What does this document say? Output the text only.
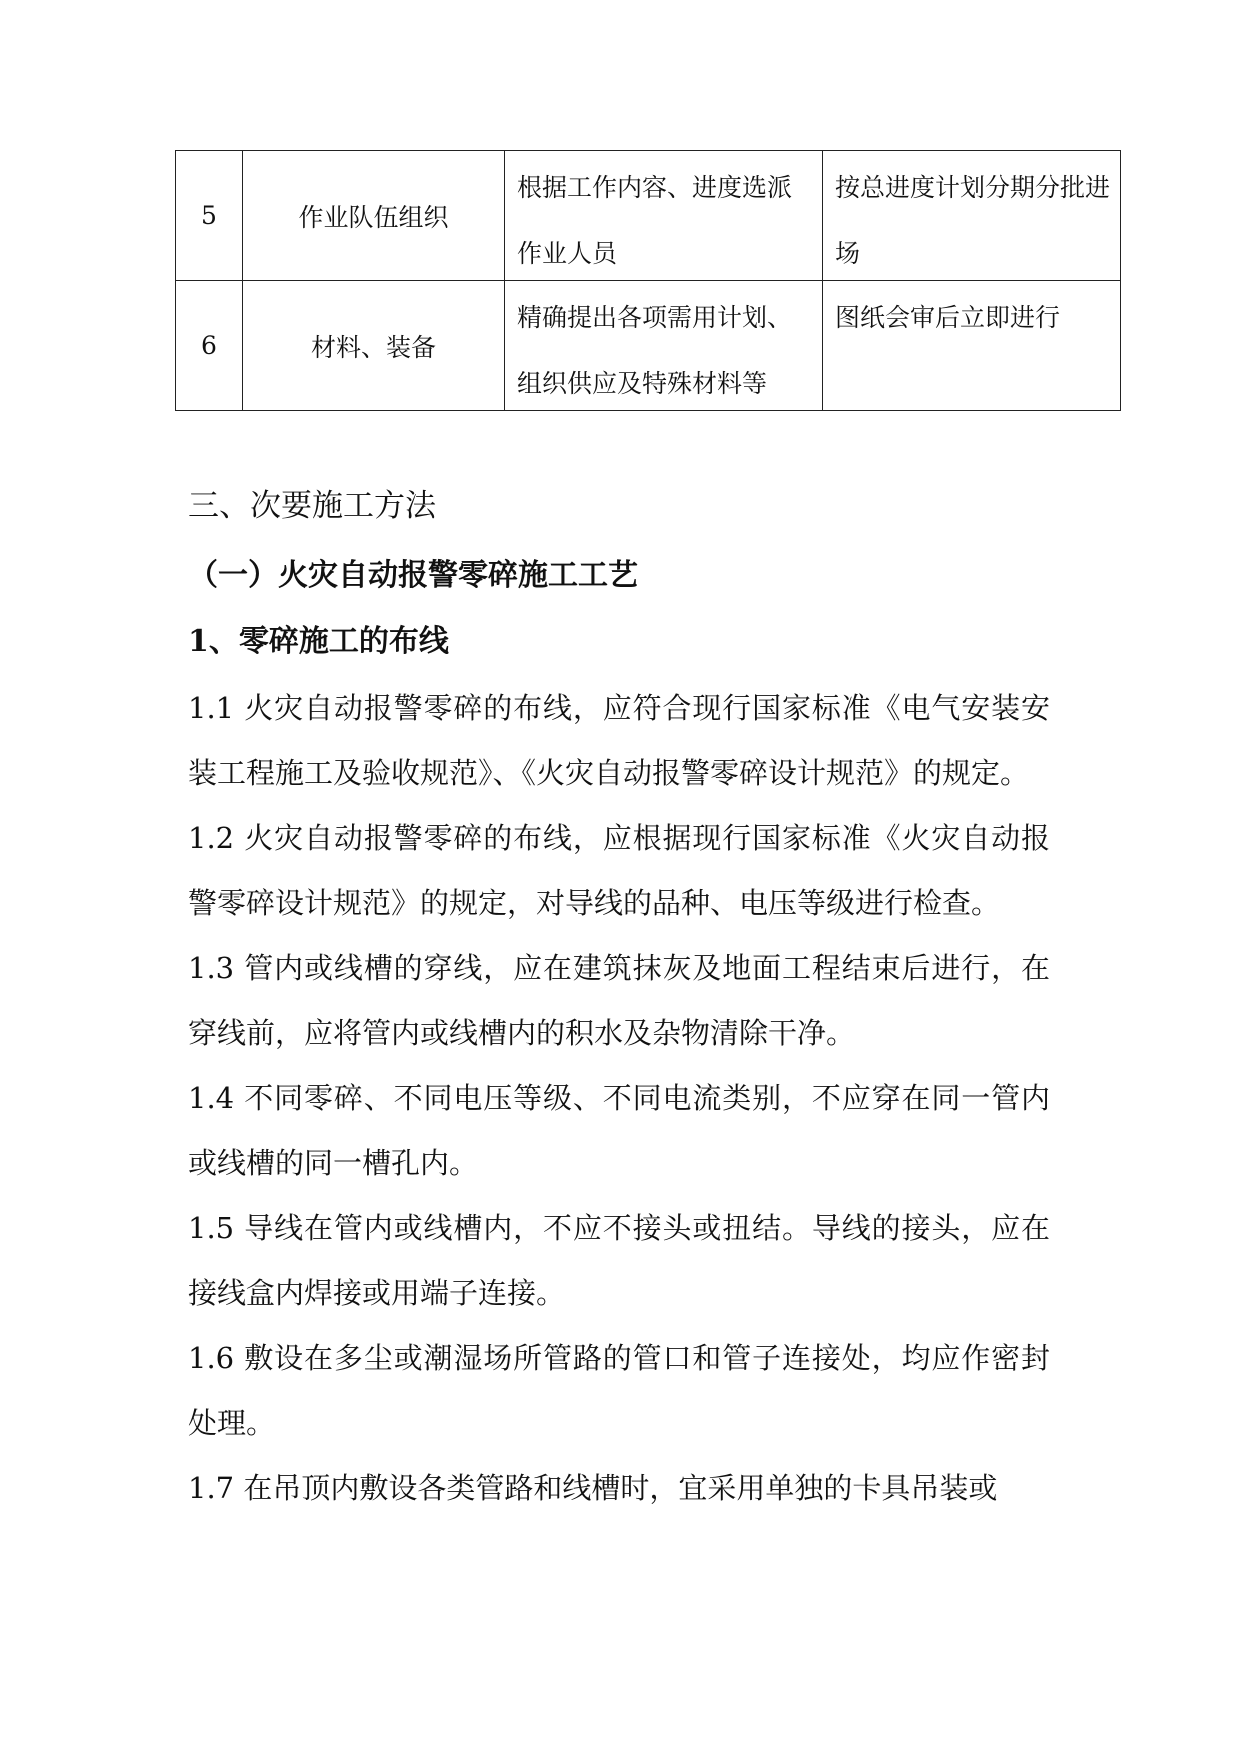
5	作业队伍组织	根据工作内容、进度选派作业人员	按总进度计划分期分批进场

6	材料、装备	精确提出各项需用计划、组织供应及特殊材料等	图纸会审后立即进行
三、次要施工方法
（一）火灾自动报警零碎施工工艺
1、零碎施工的布线

1.1 火灾自动报警零碎的布线，应符合现行国家标准《电气安装安装工程施工及验收规范》、《火灾自动报警零碎设计规范》的规定。

1.2 火灾自动报警零碎的布线，应根据现行国家标准《火灾自动报警零碎设计规范》的规定，对导线的品种、电压等级进行检查。

1.3 管内或线槽的穿线，应在建筑抹灰及地面工程结束后进行，在穿线前，应将管内或线槽内的积水及杂物清除干净。

1.4 不同零碎、不同电压等级、不同电流类别，不应穿在同一管内或线槽的同一槽孔内。

1.5 导线在管内或线槽内，不应不接头或扭结。导线的接头，应在接线盒内焊接或用端子连接。

1.6 敷设在多尘或潮湿场所管路的管口和管子连接处，均应作密封处理。

1.7 在吊顶内敷设各类管路和线槽时，宜采用单独的卡具吊装或
